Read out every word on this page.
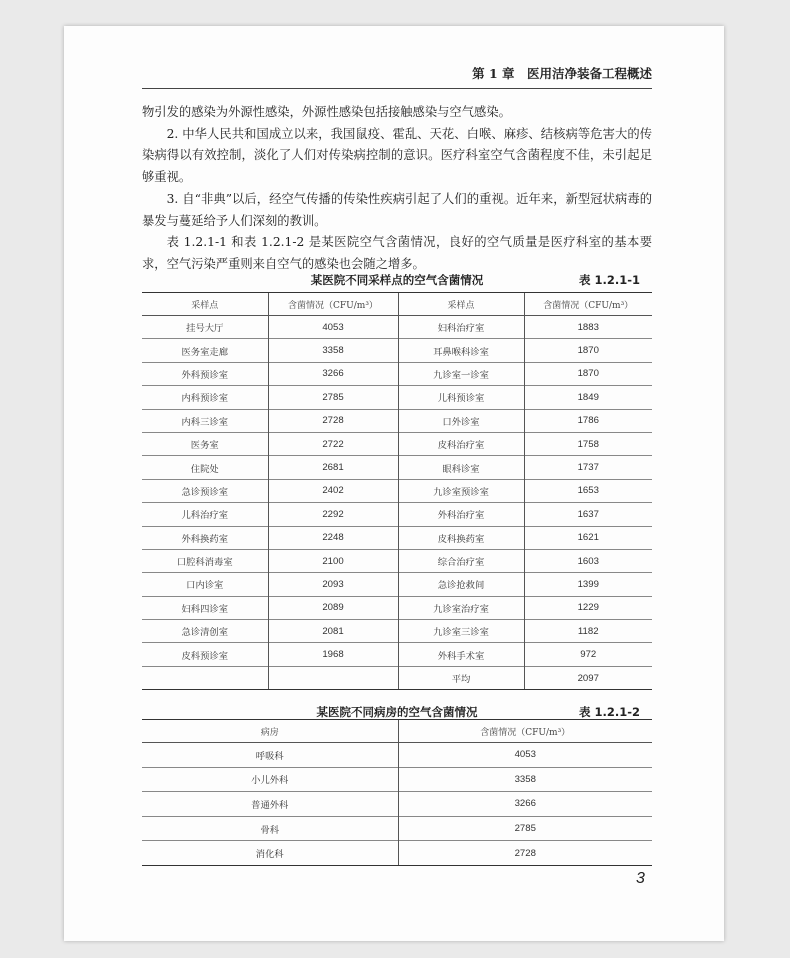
第 1 章　医用洁净装备工程概述

物引发的感染为外源性感染，外源性感染包括接触感染与空气感染。

2. 中华人民共和国成立以来，我国鼠疫、霍乱、天花、白喉、麻疹、结核病等危害大的传染病得以有效控制，淡化了人们对传染病控制的意识。医疗科室空气含菌程度不佳，未引起足够重视。

3. 自“非典”以后，经空气传播的传染性疾病引起了人们的重视。近年来，新型冠状病毒的暴发与蔓延给予人们深刻的教训。

表 1.2.1-1 和表 1.2.1-2 是某医院空气含菌情况，良好的空气质量是医疗科室的基本要求，空气污染严重则来自空气的感染也会随之增多。

某医院不同采样点的空气含菌情况	表 1.2.1-1
采样点	含菌情况（CFU/m³）	采样点	含菌情况（CFU/m³）
挂号大厅	4053	妇科治疗室	1883
医务室走廊	3358	耳鼻喉科诊室	1870
外科预诊室	3266	九诊室一诊室	1870
内科预诊室	2785	儿科预诊室	1849
内科三诊室	2728	口外诊室	1786
医务室	2722	皮科治疗室	1758
住院处	2681	眼科诊室	1737
急诊预诊室	2402	九诊室预诊室	1653
儿科治疗室	2292	外科治疗室	1637
外科换药室	2248	皮科换药室	1621
口腔科消毒室	2100	综合治疗室	1603
口内诊室	2093	急诊抢救间	1399
妇科四诊室	2089	九诊室治疗室	1229
急诊清创室	2081	九诊室三诊室	1182
皮科预诊室	1968	外科手术室	972
		平均	2097
某医院不同病房的空气含菌情况	表 1.2.1-2
病房	含菌情况（CFU/m³）
呼吸科	4053
小儿外科	3358
普通外科	3266
骨科	2785
消化科	2728
3
